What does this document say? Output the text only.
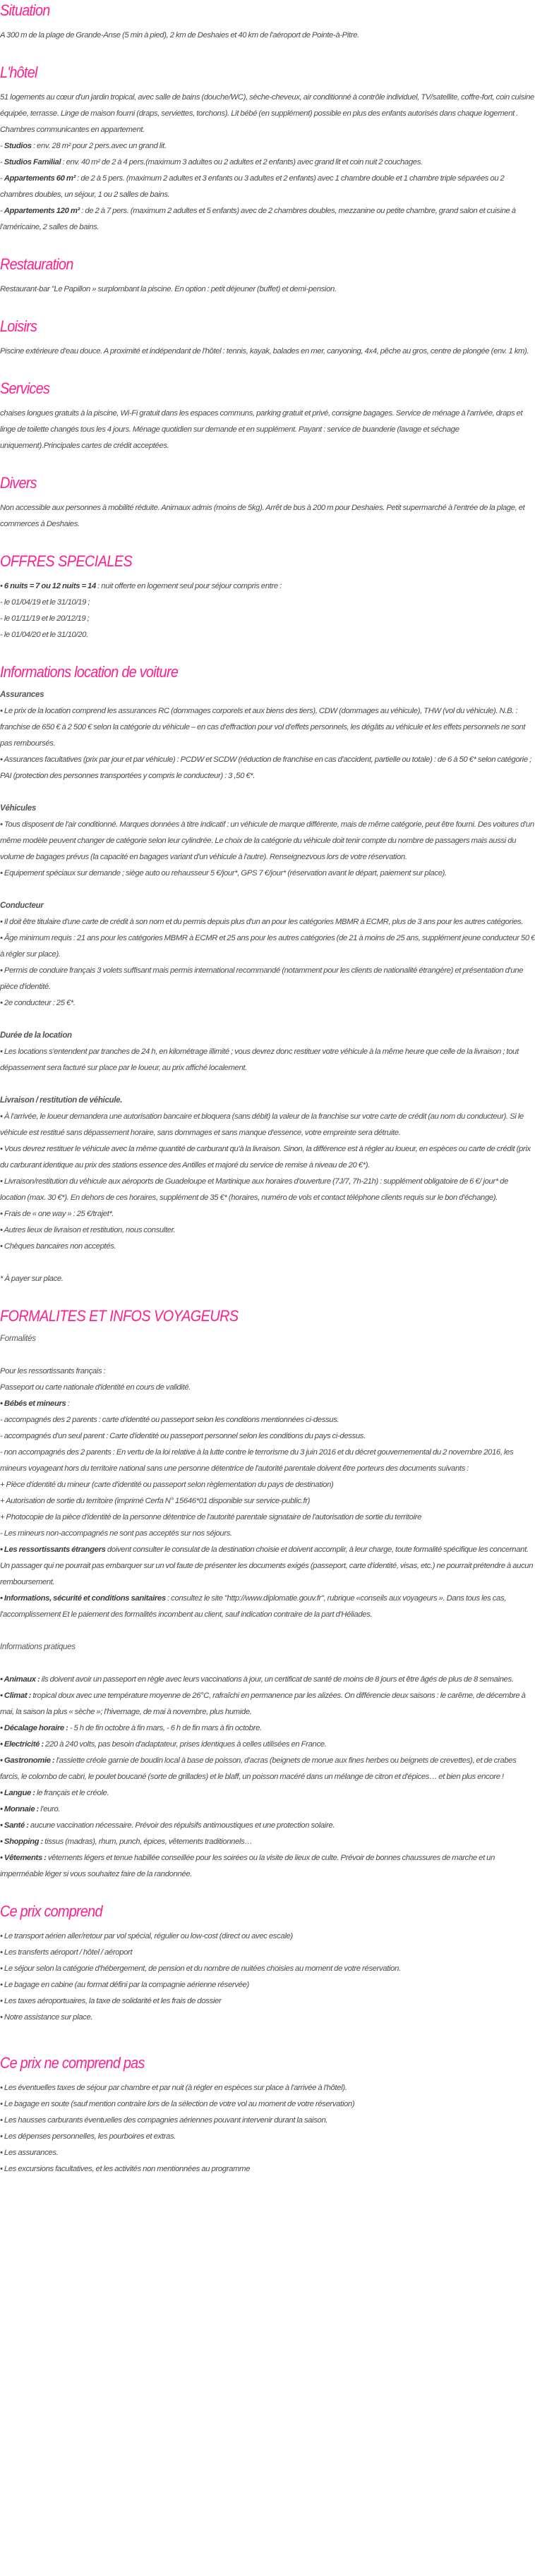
Situation

A 300 m de la plage de Grande-Anse (5 min à pied), 2 km de Deshaies et 40 km de l'aéroport de Pointe-à-Pitre.

L'hôtel

51 logements au cœur d'un jardin tropical, avec salle de bains (douche/WC), sèche-cheveux, air conditionné à contrôle individuel, TV/satellite, coffre-fort, coin cuisine équipée, terrasse. Linge de maison fourni (draps, serviettes, torchons). Lit bébé (en supplément) possible en plus des enfants autorisés dans chaque logement . Chambres communicantes en appartement.

- Studios : env. 28 m² pour 2 pers.avec un grand lit.

- Studios Familial : env. 40 m² de 2 à 4 pers.(maximum 3 adultes ou 2 adultes et 2 enfants) avec grand lit et coin nuit 2 couchages.

- Appartements 60 m² : de 2 à 5 pers. (maximum 2 adultes et 3 enfants ou 3 adultes et 2 enfants) avec 1 chambre double et 1 chambre triple séparées ou 2 chambres doubles, un séjour, 1 ou 2 salles de bains.

- Appartements 120 m² : de 2 à 7 pers. (maximum 2 adultes et 5 enfants) avec de 2 chambres doubles, mezzanine ou petite chambre, grand salon et cuisine à l'américaine, 2 salles de bains.

Restauration

Restaurant-bar "Le Papillon » surplombant la piscine. En option : petit déjeuner (buffet) et demi-pension.

Loisirs

Piscine extérieure d'eau douce. A proximité et indépendant de l'hôtel : tennis, kayak, balades en mer, canyoning, 4x4, pêche au gros, centre de plongée (env. 1 km).

Services

chaises longues gratuits à la piscine, Wi-Fi gratuit dans les espaces communs, parking gratuit et privé, consigne bagages. Service de ménage à l'arrivée, draps et linge de toilette changés tous les 4 jours. Ménage quotidien sur demande et en supplément. Payant : service de buanderie (lavage et séchage uniquement).Principales cartes de crédit acceptées.

Divers

Non accessible aux personnes à mobilité réduite. Animaux admis (moins de 5kg). Arrêt de bus à 200 m pour Deshaies. Petit supermarché à l'entrée de la plage, et commerces à Deshaies.

OFFRES SPECIALES

• 6 nuits = 7 ou 12 nuits = 14 : nuit offerte en logement seul pour séjour compris entre :

- le 01/04/19 et le 31/10/19 ;

- le 01/11/19 et le 20/12/19 ;

- le 01/04/20 et le 31/10/20.

Informations location de voiture

Assurances

• Le prix de la location comprend les assurances RC (dommages corporels et aux biens des tiers), CDW (dommages au véhicule), THW (vol du véhicule). N.B. : franchise de 650 € à 2 500 € selon la catégorie du véhicule – en cas d'effraction pour vol d'effets personnels, les dégâts au véhicule et les effets personnels ne sont pas remboursés.

• Assurances facultatives (prix par jour et par véhicule) : PCDW et SCDW (réduction de franchise en cas d'accident, partielle ou totale) : de 6 à 50 €* selon catégorie ; PAI (protection des personnes transportées y compris le conducteur) : 3 ,50 €*.

Véhicules

• Tous disposent de l'air conditionné. Marques données à titre indicatif : un véhicule de marque différente, mais de même catégorie, peut être fourni. Des voitures d'un même modèle peuvent changer de catégorie selon leur cylindrée. Le choix de la catégorie du véhicule doit tenir compte du nombre de passagers mais aussi du volume de bagages prévus (la capacité en bagages variant d'un véhicule à l'autre). Renseignezvous lors de votre réservation.

• Equipement spéciaux sur demande ; siège auto ou rehausseur 5 €/jour*, GPS 7 €/jour* (réservation avant le départ, paiement sur place).

Conducteur

• Il doit être titulaire d'une carte de crédit à son nom et du permis depuis plus d'un an pour les catégories MBMR à ECMR, plus de 3 ans pour les autres catégories.

• Âge minimum requis : 21 ans pour les catégories MBMR à ECMR et 25 ans pour les autres catégories (de 21 à moins de 25 ans, supplément jeune conducteur 50 € à régler sur place).

• Permis de conduire français 3 volets suffisant mais permis international recommandé (notamment pour les clients de nationalité étrangère) et présentation d'une pièce d'identité.

• 2e conducteur : 25 €*.

Durée de la location

• Les locations s'entendent par tranches de 24 h, en kilométrage illimité ; vous devrez donc restituer votre véhicule à la même heure que celle de la livraison ; tout dépassement sera facturé sur place par le loueur, au prix affiché localement.

Livraison / restitution de véhicule.

• À l'arrivée, le loueur demandera une autorisation bancaire et bloquera (sans débit) la valeur de la franchise sur votre carte de crédit (au nom du conducteur). Si le véhicule est restitué sans dépassement horaire, sans dommages et sans manque d'essence, votre empreinte sera détruite.

• Vous devrez restituer le véhicule avec la même quantité de carburant qu'à la livraison. Sinon, la différence est à régler au loueur, en espèces ou carte de crédit (prix du carburant identique au prix des stations essence des Antilles et majoré du service de remise à niveau de 20 €*).

• Livraison/restitution du véhicule aux aéroports de Guadeloupe et Martinique aux horaires d'ouverture (7J/7, 7h-21h) : supplément obligatoire de 6 €/ jour* de location (max. 30 €*). En dehors de ces horaires, supplément de 35 €* (horaires, numéro de vols et contact téléphone clients requis sur le bon d'échange).

• Frais de « one way » : 25 €/trajet*.

• Autres lieux de livraison et restitution, nous consulter.

• Chèques bancaires non acceptés.

* À payer sur place.

FORMALITES ET INFOS VOYAGEURS

Formalités

Pour les ressortissants français :

Passeport ou carte nationale d'identité en cours de validité.

• Bébés et mineurs :

- accompagnés des 2 parents : carte d'identité ou passeport selon les conditions mentionnées ci-dessus.

- accompagnés d'un seul parent : Carte d'identité ou passeport personnel selon les conditions du pays ci-dessus.

- non accompagnés des 2 parents : En vertu de la loi relative à la lutte contre le terrorisme du 3 juin 2016 et du décret gouvernemental du 2 novembre 2016, les mineurs voyageant hors du territoire national sans une personne détentrice de l'autorité parentale doivent être porteurs des documents suivants :

+ Pièce d'identité du mineur (carte d'identité ou passeport selon règlementation du pays de destination)

+ Autorisation de sortie du territoire (imprimé Cerfa N° 15646*01 disponible sur service-public.fr)

+ Photocopie de la pièce d'identité de la personne détentrice de l'autorité parentale signataire de l'autorisation de sortie du territoire

- Les mineurs non-accompagnés ne sont pas acceptés sur nos séjours.

• Les ressortissants étrangers doivent consulter le consulat de la destination choisie et doivent accomplir, à leur charge, toute formalité spécifique les concernant. Un passager qui ne pourrait pas embarquer sur un vol faute de présenter les documents exigés (passeport, carte d'identité, visas, etc.) ne pourrait prétendre à aucun remboursement.

• Informations, sécurité et conditions sanitaires : consultez le site "http://www.diplomatie.gouv.fr", rubrique «conseils aux voyageurs ». Dans tous les cas, l'accomplissement Et le paiement des formalités incombent au client, sauf indication contraire de la part d'Héliades.

Informations pratiques

• Animaux : ils doivent avoir un passeport en règle avec leurs vaccinations à jour, un certificat de santé de moins de 8 jours et être âgés de plus de 8 semaines.

• Climat : tropical doux avec une température moyenne de 26°C, rafraîchi en permanence par les alizées. On différencie deux saisons : le carême, de décembre à mai, la saison la plus « sèche »; l'hivernage, de mai à novembre, plus humide.

• Décalage horaire : - 5 h de fin octobre à fin mars, - 6 h de fin mars à fin octobre.

• Electricité : 220 à 240 volts, pas besoin d'adaptateur, prises identiques à celles utilisées en France.

• Gastronomie : l'assiette créole garnie de boudin local à base de poisson, d'acras (beignets de morue aux fines herbes ou beignets de crevettes), et de crabes farcis, le colombo de cabri, le poulet boucané (sorte de grillades) et le blaff, un poisson macéré dans un mélange de citron et d'épices… et bien plus encore !

• Langue : le français et le créole.

• Monnaie : l'euro.

• Santé : aucune vaccination nécessaire. Prévoir des répulsifs antimoustiques et une protection solaire.

• Shopping : tissus (madras), rhum, punch, épices, vêtements traditionnels…

• Vêtements : vêtements légers et tenue habillée conseillée pour les soirées ou la visite de lieux de culte. Prévoir de bonnes chaussures de marche et un imperméable léger si vous souhaitez faire de la randonnée.

Ce prix comprend

• Le transport aérien aller/retour par vol spécial, régulier ou low-cost (direct ou avec escale)

• Les transferts aéroport / hôtel / aéroport

• Le séjour selon la catégorie d'hébergement, de pension et du nombre de nuitées choisies au moment de votre réservation.

• Le bagage en cabine (au format défini par la compagnie aérienne réservée)

• Les taxes aéroportuaires, la taxe de solidarité et les frais de dossier

• Notre assistance sur place.

Ce prix ne comprend pas

• Les éventuelles taxes de séjour par chambre et par nuit (à régler en espèces sur place à l'arrivée à l'hôtel).

• Le bagage en soute (sauf mention contraire lors de la sélection de votre vol au moment de votre réservation)

• Les hausses carburants éventuelles des compagnies aériennes pouvant intervenir durant la saison.

• Les dépenses personnelles, les pourboires et extras.

• Les assurances.

• Les excursions facultatives, et les activités non mentionnées au programme
